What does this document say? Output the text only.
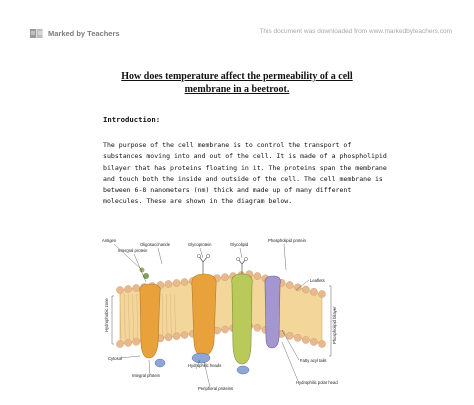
Marked by Teachers	This document was downloaded from www.markedbyteachers.com
How does temperature affect the permeability of a cell
membrane in a beetroot.
Introduction:
The purpose of the cell membrane is to control the transport of
substances moving into and out of the cell. It is made of a phospholipid
bilayer that has proteins floating in it. The proteins span the membrane
and touch both the inside and outside of the cell. The cell membrane is
between 6-8 nanometers (nm) thick and made up of many different
molecules. These are shown in the diagram below.
Antigen
Intergral protein
Oligosaccharide	Glycoprotein	Glycolipid
Phospholipid protein
Leaflets
Hydrophobic zone	Phospholipid bilayer
Cytosol
Hydrophilic heads
Integral protein
Peripheral proteins
Fatty acyl tails
Hydrophilic polar head
